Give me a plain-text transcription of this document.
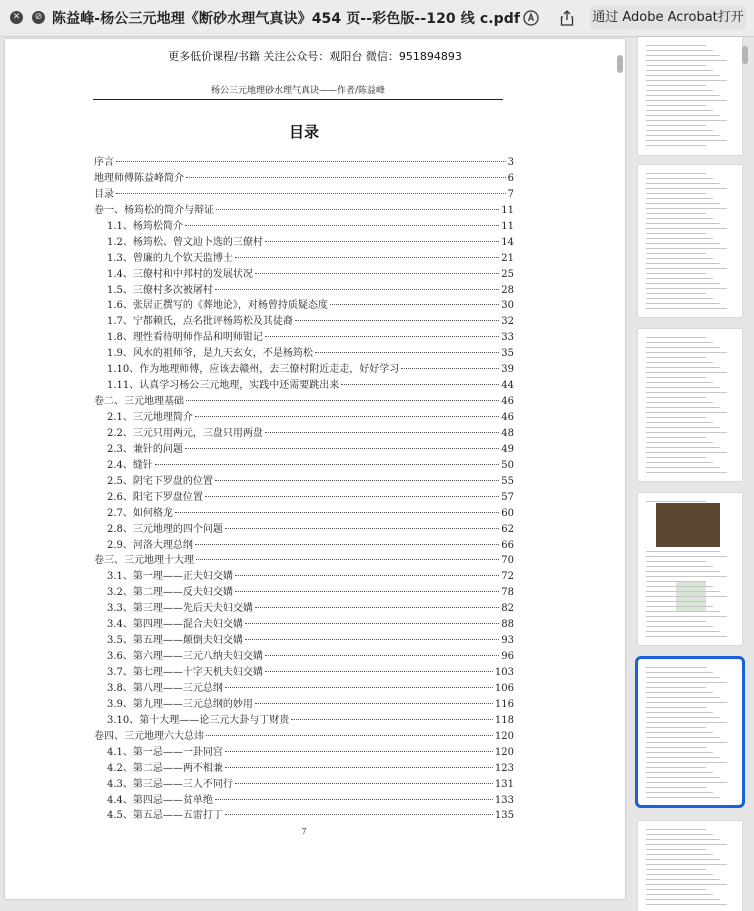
✕	⊘ 陈益峰-杨公三元地理《断砂水理气真诀》454 页--彩色版--120 线 c.pdf	通过 Adobe Acrobat打开
更多低价课程/书籍 关注公众号：观阳台 微信：951894893
杨公三元地理砂水理气真诀——作者/陈益峰
目录
序言	3
地理师傅陈益峰简介	6
目录	7
卷一、杨筠松的简介与辩证	11
1.1、杨筠松简介	11
1.2、杨筠松、曾文辿卜选的三僚村	14
1.3、曾廉的九个钦天监博士	21
1.4、三僚村和中邦村的发展状况	25
1.5、三僚村多次被屠村	28
1.6、张居正撰写的《葬地论》，对杨曾持质疑态度	30
1.7、宁都赖氏，点名批评杨筠松及其徒裔	32
1.8、理性看待明师作品和明师钳记	33
1.9、风水的祖师爷，是九天玄女，不是杨筠松	35
1.10、作为地理师傅，应该去赣州，去三僚村附近走走，好好学习	39
1.11、认真学习杨公三元地理，实践中还需要跳出来	44
卷二、三元地理基础	46
2.1、三元地理简介	46
2.2、三元只用两元，三盘只用两盘	48
2.3、兼针的问题	49
2.4、缝针	50
2.5、阴宅下罗盘的位置	55
2.6、阳宅下罗盘位置	57
2.7、如何格龙	60
2.8、三元地理的四个问题	62
2.9、河洛大理总纲	66
卷三、三元地理十大理	70
3.1、第一理——正夫妇交媾	72
3.2、第二理——反夫妇交媾	78
3.3、第三理——先后天夫妇交媾	82
3.4、第四理——混合夫妇交媾	88
3.5、第五理——颠倒夫妇交媾	93
3.6、第六理——三元八纳夫妇交媾	96
3.7、第七理——十字天机夫妇交媾	103
3.8、第八理——三元总纲	106
3.9、第九理——三元总纲的妙用	116
3.10、第十大理——论三元大卦与丁财贵	118
卷四、三元地理六大总讳	120
4.1、第一忌——一卦同宫	120
4.2、第二忌——两不相兼	123
4.3、第三忌——三人不同行	131
4.4、第四忌——贫单绝	133
4.5、第五忌——五雷打丁	135
7
